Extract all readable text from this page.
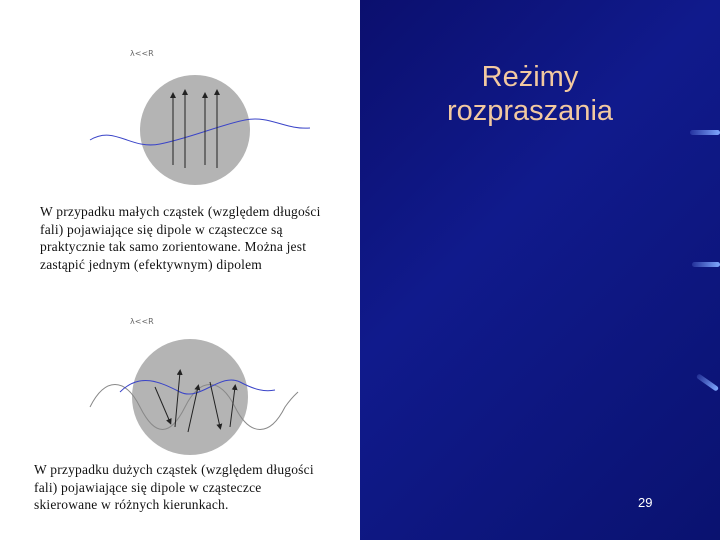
Reżimy rozpraszania
λ<<R
W przypadku małych cząstek (względem długości fali) pojawiające się dipole w cząsteczce są praktycznie tak samo zorientowane. Można jest zastąpić jednym (efektywnym) dipolem
λ<<R
W przypadku dużych cząstek (względem długości fali) pojawiające się dipole w cząsteczce skierowane w różnych kierunkach.	29
